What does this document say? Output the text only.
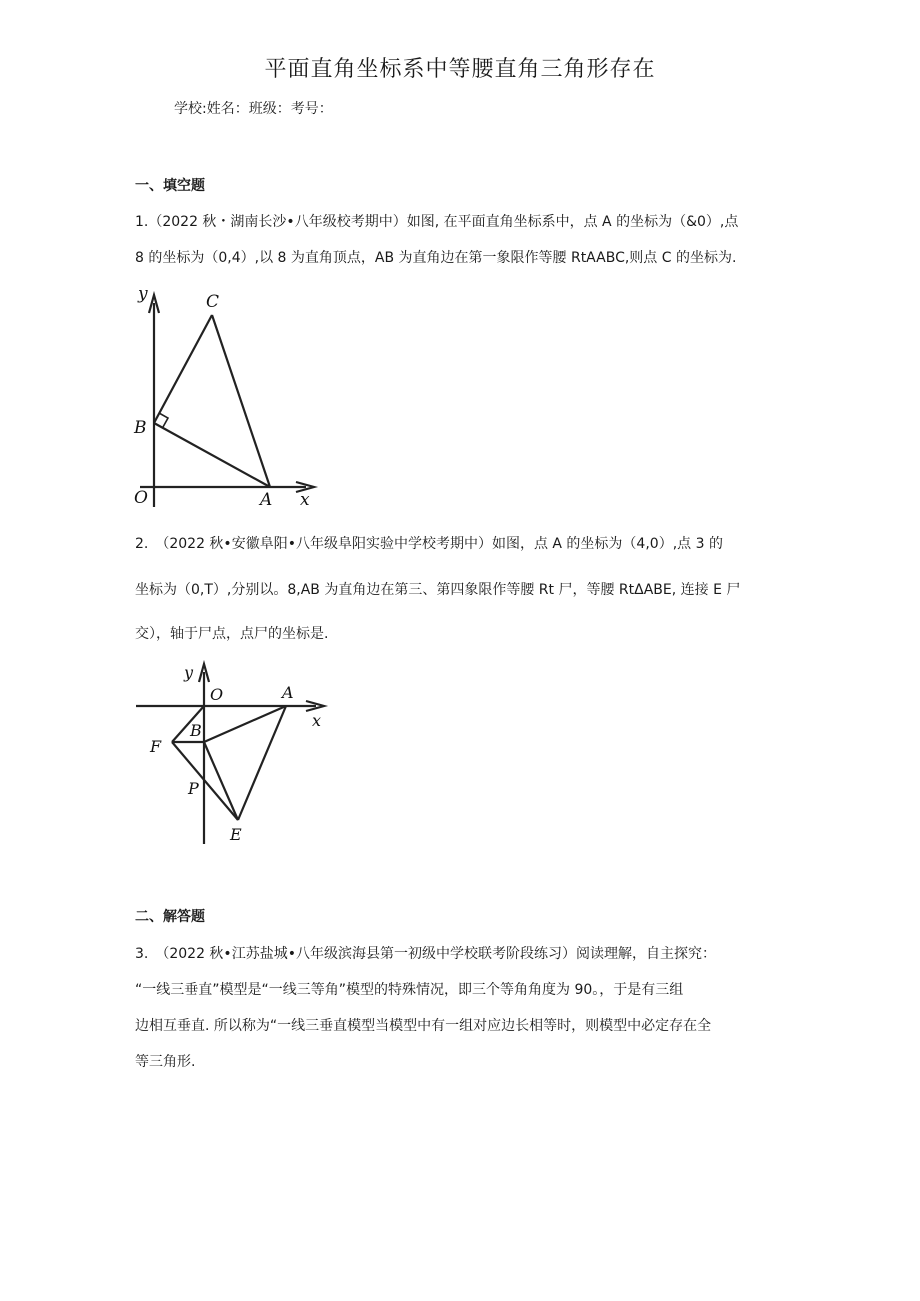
平面直角坐标系中等腰直角三角形存在
学校:姓名：班级：考号：
一、填空题
1.（2022 秋・湖南长沙•八年级校考期中）如图, 在平面直角坐标系中，点 A 的坐标为（&0）,点
8 的坐标为（0,4）,以 8 为直角顶点，AB 为直角边在第一象限作等腰 RtAABC,则点 C 的坐标为.
y	C
B
O	A x
2.　（2022 秋•安徽阜阳•八年级阜阳实验中学校考期中）如图，点 A 的坐标为（4,0）,点 3 的
坐标为（0,T）,分别以。8,AB 为直角边在第三、第四象限作等腰 Rt 尸，等腰 RtΔABE, 连接 E 尸
交），轴于尸点，点尸的坐标是.
y
O	A
x
B
F
P
E
二、解答题
3.　（2022 秋•江苏盐城•八年级滨海县第一初级中学校联考阶段练习）阅读理解，自主探究：
“一线三垂直”模型是“一线三等角”模型的特殊情况，即三个等角角度为 90。，于是有三组
边相互垂直. 所以称为“一线三垂直模型当模型中有一组对应边长相等时，则模型中必定存在全
等三角形.
